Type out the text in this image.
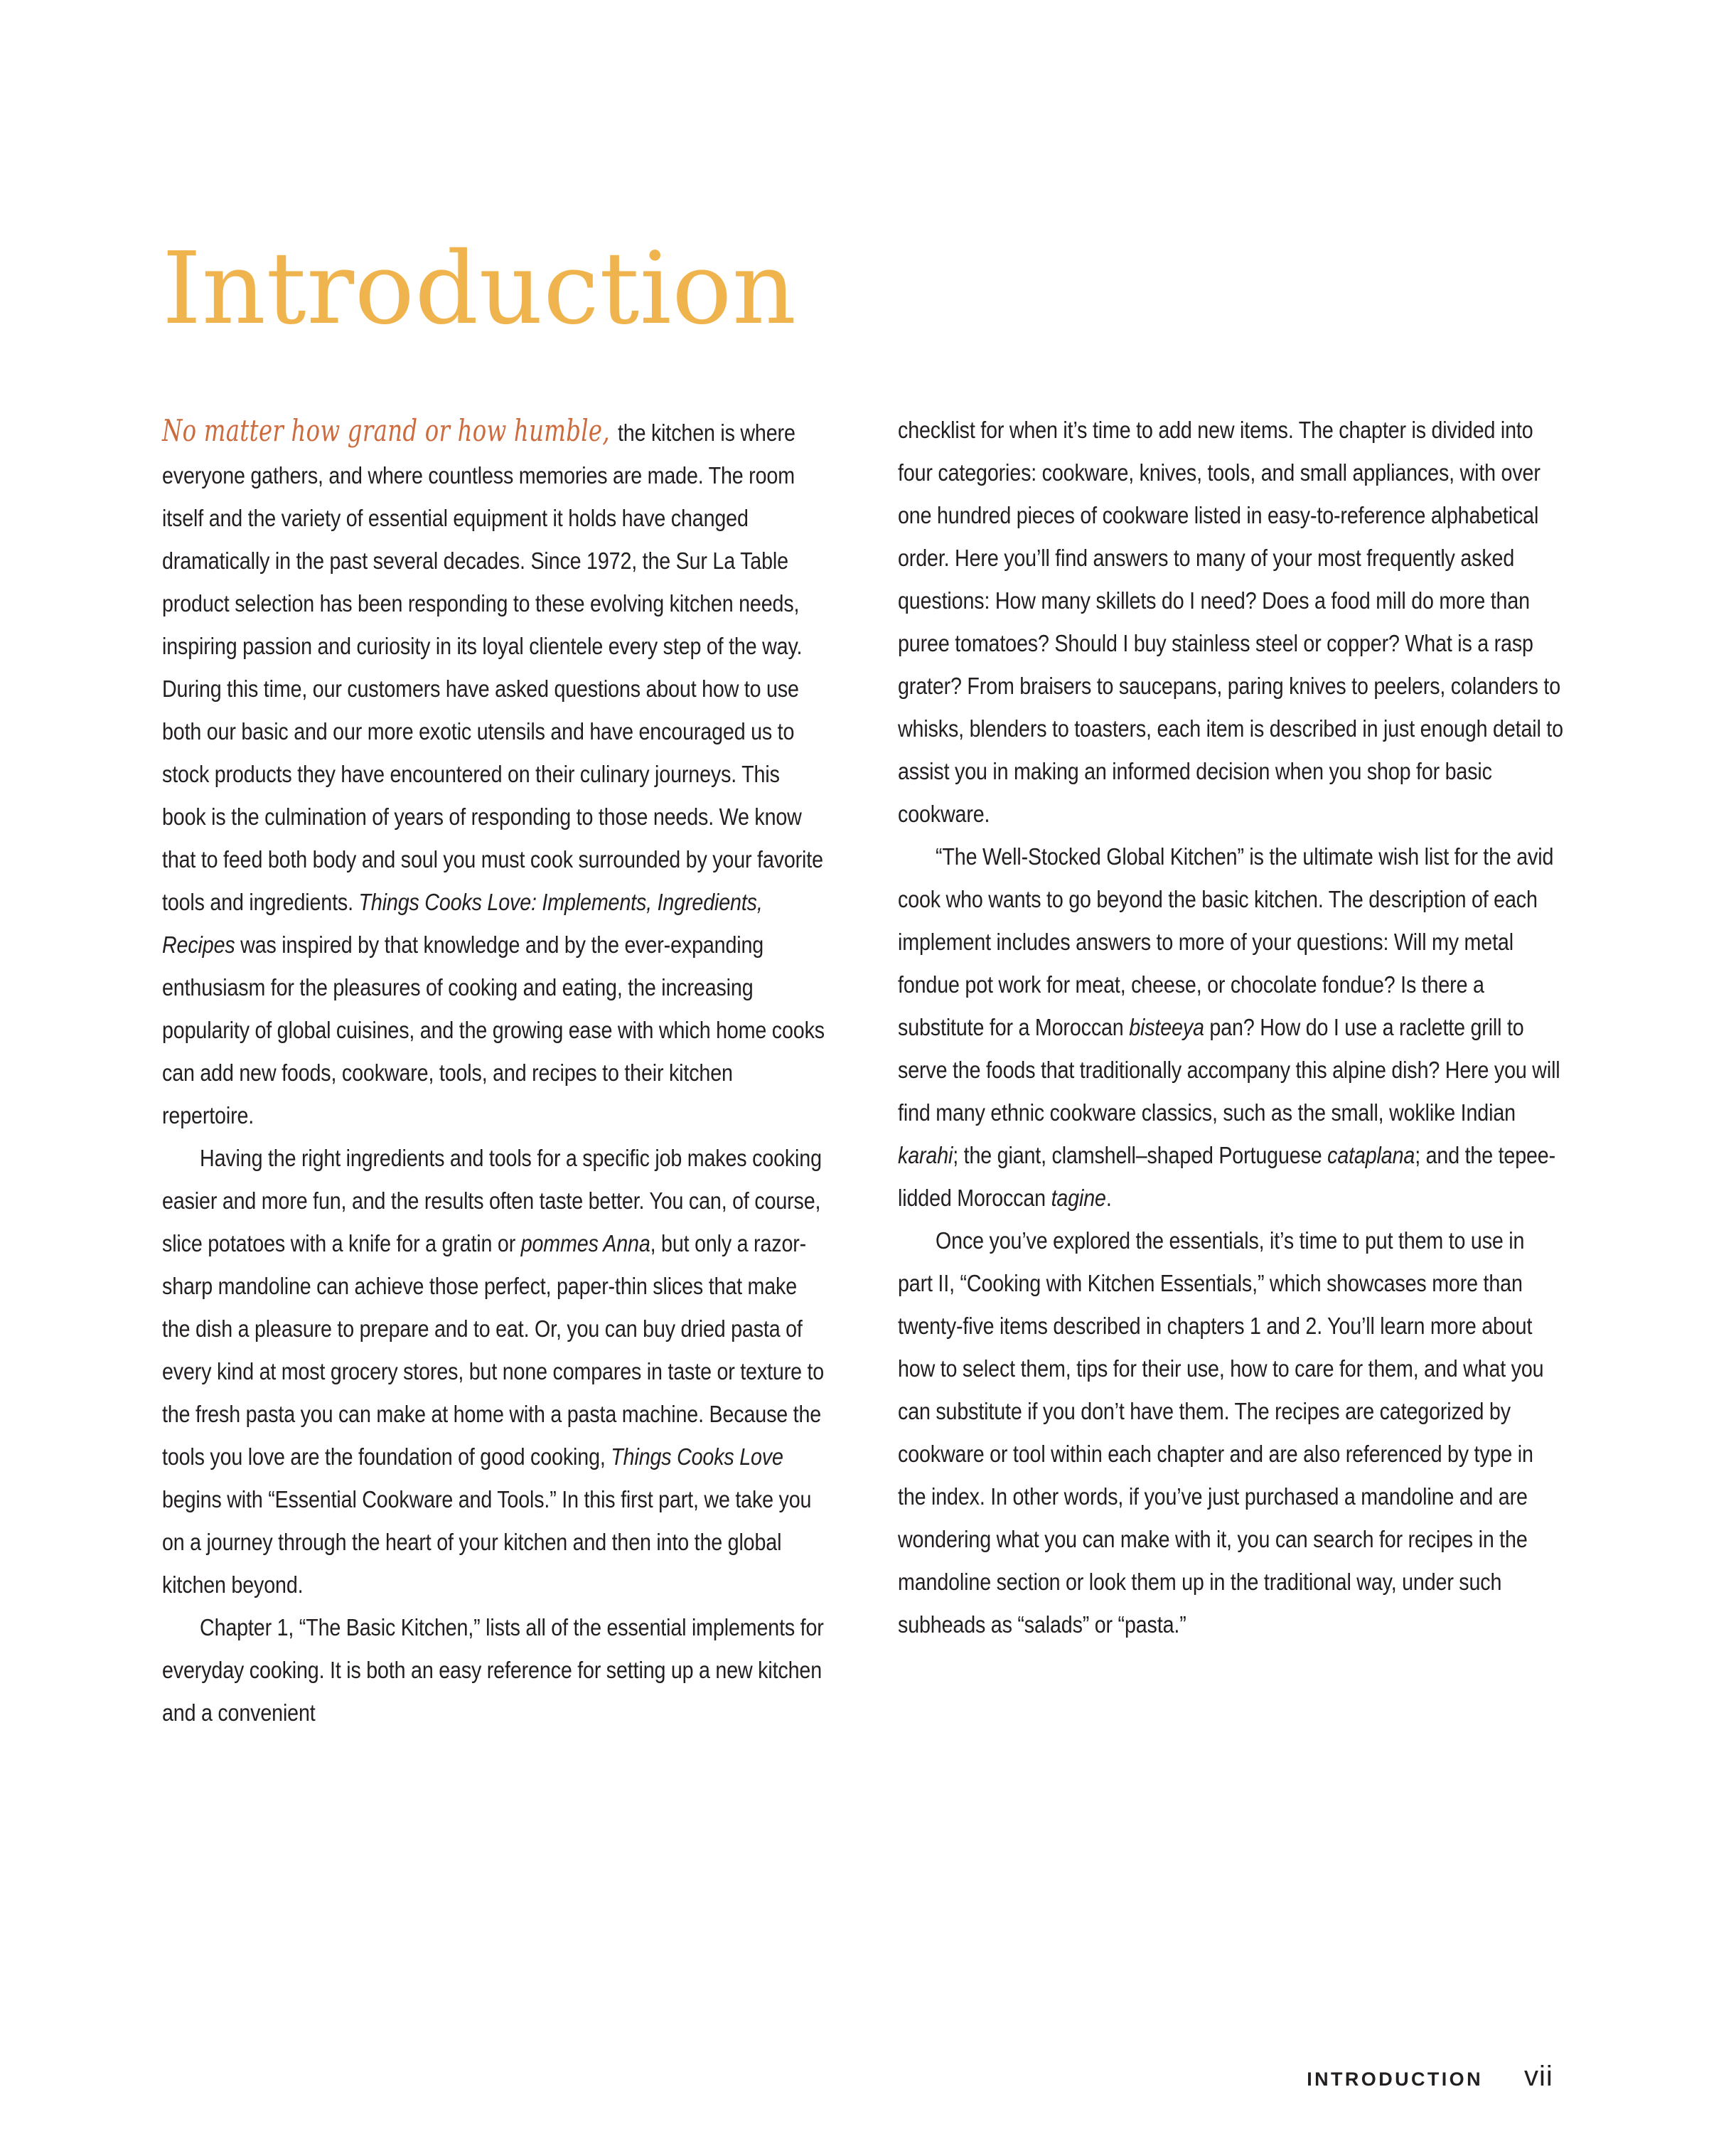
Introduction

No matter how grand or how humble, the kitchen is where everyone gathers, and where countless memories are made. The room itself and the variety of essential equipment it holds have changed dramatically in the past several decades. Since 1972, the Sur La Table product selection has been responding to these evolving kitchen needs, inspiring passion and curiosity in its loyal clientele every step of the way. During this time, our customers have asked questions about how to use both our basic and our more exotic utensils and have encouraged us to stock products they have encountered on their culinary journeys. This book is the culmination of years of responding to those needs. We know that to feed both body and soul you must cook surrounded by your favorite tools and ingredients. Things Cooks Love: Implements, Ingredients, Recipes was inspired by that knowledge and by the ever-expanding enthusiasm for the pleasures of cooking and eating, the increasing popularity of global cuisines, and the growing ease with which home cooks can add new foods, cookware, tools, and recipes to their kitchen repertoire.

Having the right ingredients and tools for a specific job makes cooking easier and more fun, and the results often taste better. You can, of course, slice potatoes with a knife for a gratin or pommes Anna, but only a razor-sharp mandoline can achieve those perfect, paper-thin slices that make the dish a pleasure to prepare and to eat. Or, you can buy dried pasta of every kind at most grocery stores, but none compares in taste or texture to the fresh pasta you can make at home with a pasta machine. Because the tools you love are the foundation of good cooking, Things Cooks Love begins with “Essential Cookware and Tools.” In this first part, we take you on a journey through the heart of your kitchen and then into the global kitchen beyond.

Chapter 1, “The Basic Kitchen,” lists all of the essential implements for everyday cooking. It is both an easy reference for setting up a new kitchen and a convenient

checklist for when it’s time to add new items. The chapter is divided into four categories: cookware, knives, tools, and small appliances, with over one hundred pieces of cookware listed in easy-to-reference alphabetical order. Here you’ll find answers to many of your most frequently asked questions: How many skillets do I need? Does a food mill do more than puree tomatoes? Should I buy stainless steel or copper? What is a rasp grater? From braisers to saucepans, paring knives to peelers, colanders to whisks, blenders to toasters, each item is described in just enough detail to assist you in making an informed decision when you shop for basic cookware.

“The Well-Stocked Global Kitchen” is the ultimate wish list for the avid cook who wants to go beyond the basic kitchen. The description of each implement includes answers to more of your questions: Will my metal fondue pot work for meat, cheese, or chocolate fondue? Is there a substitute for a Moroccan bisteeya pan? How do I use a raclette grill to serve the foods that traditionally accompany this alpine dish? Here you will find many ethnic cookware classics, such as the small, woklike Indian karahi; the giant, clamshell–shaped Portuguese cataplana; and the tepee-lidded Moroccan tagine.

Once you’ve explored the essentials, it’s time to put them to use in part II, “Cooking with Kitchen Essentials,” which showcases more than twenty-five items described in chapters 1 and 2. You’ll learn more about how to select them, tips for their use, how to care for them, and what you can substitute if you don’t have them. The recipes are categorized by cookware or tool within each chapter and are also referenced by type in the index. In other words, if you’ve just purchased a mandoline and are wondering what you can make with it, you can search for recipes in the mandoline section or look them up in the traditional way, under such subheads as “salads” or “pasta.”

INTRODUCTION vii
